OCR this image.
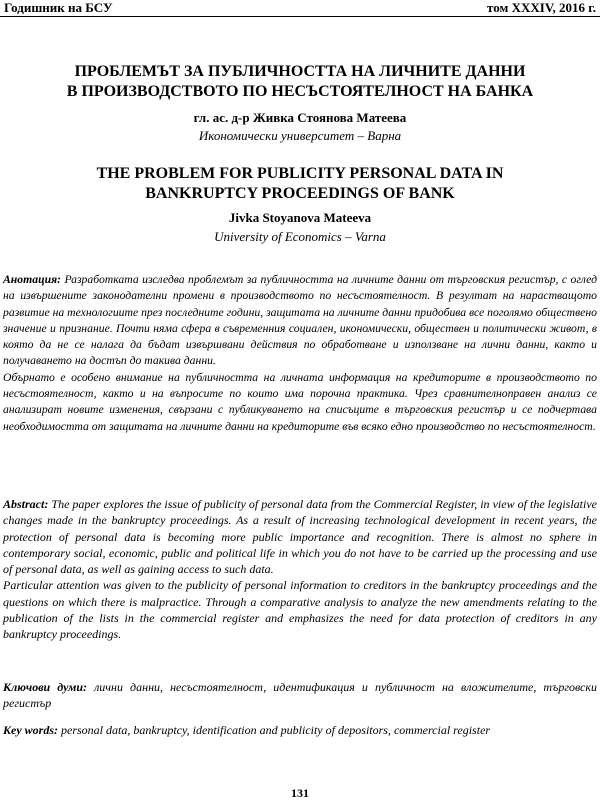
Годишник на БСУ	том XXXIV, 2016 г.
ПРОБЛЕМЪТ ЗА ПУБЛИЧНОСТТА НА ЛИЧНИТЕ ДАННИ
В ПРОИЗВОДСТВОТО ПО НЕСЪСТОЯТЕЛНОСТ НА БАНКА
гл. ас. д-р Живка Стоянова Матеева
Икономически университет – Варна
THE PROBLEM FOR PUBLICITY PERSONAL DATA IN
BANKRUPTCY PROCEEDINGS OF BANK
Jivka Stoyanova Mateeva
University of Economics – Varna
Анотация: Разработката изследва проблемът за публичността на личните данни от търговския регистър, с оглед на извършените законодателни промени в производството по несъстоятелност. В резултат на нарастващото развитие на технологиите през последните години, защитата на личните данни придобива все поголямо обществено значение и признание. Почти няма сфера в съвременния социален, икономически, обществен и политически живот, в която да не се налага да бъдат извършвани действия по обработване и използване на лични данни, както и получаването на достъп до такива данни.
Обърнато е особено внимание на публичността на личната информация на кредиторите в производството по несъстоятелност, както и на въпросите по които има порочна практика. Чрез сравнителноправен анализ се анализират новите изменения, свързани с публикуването на списъците в търговския регистър и се подчертава необходимостта от защитата на личните данни на кредиторите във всяко едно производство по несъстоятелност.
Abstract: The paper explores the issue of publicity of personal data from the Commercial Register, in view of the legislative changes made in the bankruptcy proceedings. As a result of increasing technological development in recent years, the protection of personal data is becoming more public importance and recognition. There is almost no sphere in contemporary social, economic, public and political life in which you do not have to be carried up the processing and use of personal data, as well as gaining access to such data.
Particular attention was given to the publicity of personal information to creditors in the bankruptcy proceedings and the questions on which there is malpractice. Through a comparative analysis to analyze the new amendments relating to the publication of the lists in the commercial register and emphasizes the need for data protection of creditors in any bankruptcy proceedings.
Ключови думи: лични данни, несъстоятелност, идентификация и публичност на вложителите, търговски регистър
Key words: personal data, bankruptcy, identification and publicity of depositors, commercial register
131
